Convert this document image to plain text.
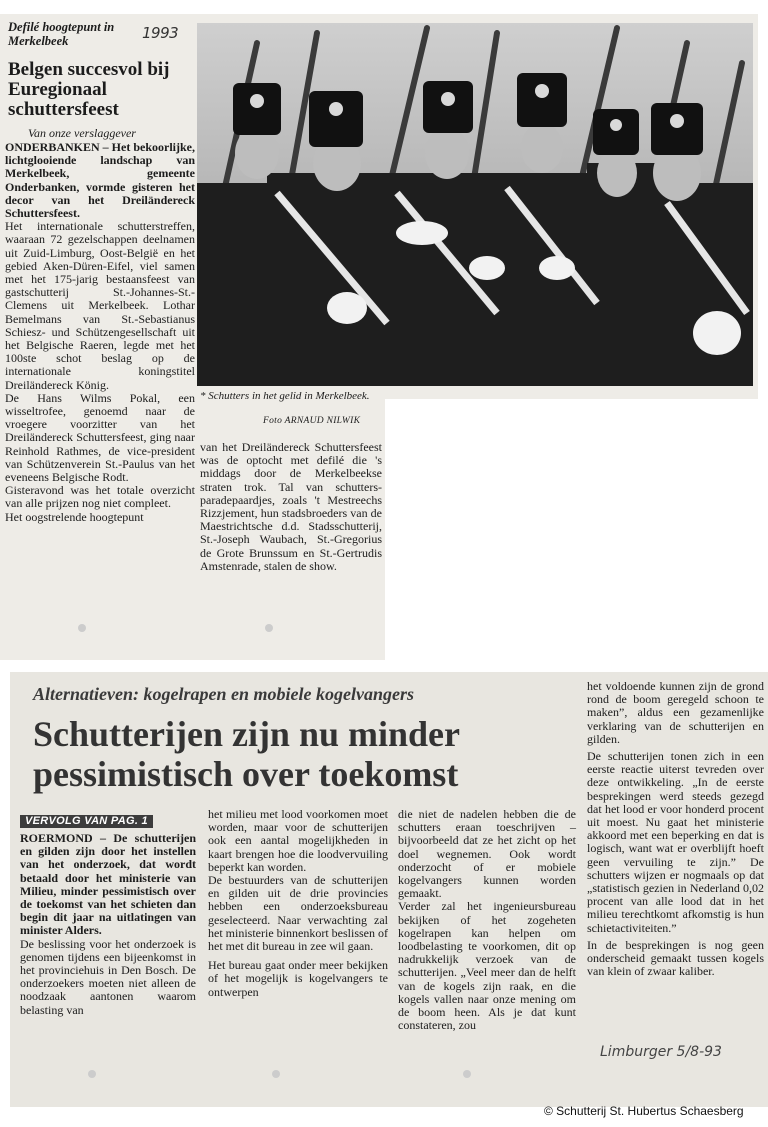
Defilé hoogtepunt in Merkelbeek	1993
Belgen succesvol bij Euregionaal schuttersfeest
Van onze verslaggever

ONDERBANKEN – Het bekoorlijke, lichtglooiende landschap van Merkelbeek, gemeente Onderbanken, vormde gisteren het decor van het Dreiländereck Schuttersfeest.

Het internationale schutterstreffen, waaraan 72 gezelschappen deelnamen uit Zuid-Limburg, Oost-België en het gebied Aken-Düren-Eifel, viel samen met het 175-jarig bestaansfeest van gastschutterij St.-Johannes-St.-Clemens uit Merkelbeek. Lothar Bemelmans van St.-Sebastianus Schiesz- und Schützengesellschaft uit het Belgische Raeren, legde met het 100ste schot beslag op de internationale koningstitel Dreiländereck König.

De Hans Wilms Pokal, een wisseltrofee, genoemd naar de vroegere voorzitter van het Dreiländereck Schuttersfeest, ging naar Reinhold Rathmes, de vice-president van Schützenverein St.-Paulus van het eveneens Belgische Rodt.

Gisteravond was het totale overzicht van alle prijzen nog niet compleet.

Het oogstrelende hoogtepunt

* Schutters in het gelid in Merkelbeek.
Foto ARNAUD NILWIK

van het Dreiländereck Schuttersfeest was de optocht met defilé die 's middags door de Merkelbeekse straten trok. Tal van schutters-paradepaardjes, zoals 't Mestreechs Rizzjement, hun stadsbroeders van de Maestrichtsche d.d. Stadsschutterij, St.-Joseph Waubach, St.-Gregorius de Grote Brunssum en St.-Gertrudis Amstenrade, stalen de show.

Alternatieven: kogelrapen en mobiele kogelvangers
Schutterijen zijn nu minder pessimistisch over toekomst
VERVOLG VAN PAG. 1

ROERMOND – De schutterijen en gilden zijn door het instellen van het onderzoek, dat wordt betaald door het ministerie van Milieu, minder pessimistisch over de toekomst van het schieten dan begin dit jaar na uitlatingen van minister Alders.

De beslissing voor het onderzoek is genomen tijdens een bijeenkomst in het provinciehuis in Den Bosch. De onderzoekers moeten niet alleen de noodzaak aantonen waarom belasting van

het milieu met lood voorkomen moet worden, maar voor de schutterijen ook een aantal mogelijkheden in kaart brengen hoe die loodvervuiling beperkt kan worden.

De bestuurders van de schutterijen en gilden uit de drie provincies hebben een onderzoeksbureau geselecteerd. Naar verwachting zal het ministerie binnenkort beslissen of het met dit bureau in zee wil gaan.

Het bureau gaat onder meer bekijken of het mogelijk is kogelvangers te ontwerpen

die niet de nadelen hebben die de schutters eraan toeschrijven – bijvoorbeeld dat ze het zicht op het doel wegnemen. Ook wordt onderzocht of er mobiele kogelvangers kunnen worden gemaakt.

Verder zal het ingenieursbureau bekijken of het zogeheten kogelrapen kan helpen om loodbelasting te voorkomen, dit op nadrukkelijk verzoek van de schutterijen. „Veel meer dan de helft van de kogels zijn raak, en die kogels vallen naar onze mening om de boom heen. Als je dat kunt constateren, zou

het voldoende kunnen zijn de grond rond de boom geregeld schoon te maken”, aldus een gezamenlijke verklaring van de schutterijen en gilden.

De schutterijen tonen zich in een eerste reactie uiterst tevreden over deze ontwikkeling. „In de eerste besprekingen werd steeds gezegd dat het lood er voor honderd procent uit moest. Nu gaat het ministerie akkoord met een beperking en dat is logisch, want wat er overblijft hoeft geen vervuiling te zijn.” De schutters wijzen er nogmaals op dat „statistisch gezien in Nederland 0,02 procent van alle lood dat in het milieu terechtkomt afkomstig is hun schietactiviteiten.”

In de besprekingen is nog geen onderscheid gemaakt tussen kogels van klein of zwaar kaliber.

Limburger 5/8-93
© Schutterij St. Hubertus Schaesberg
